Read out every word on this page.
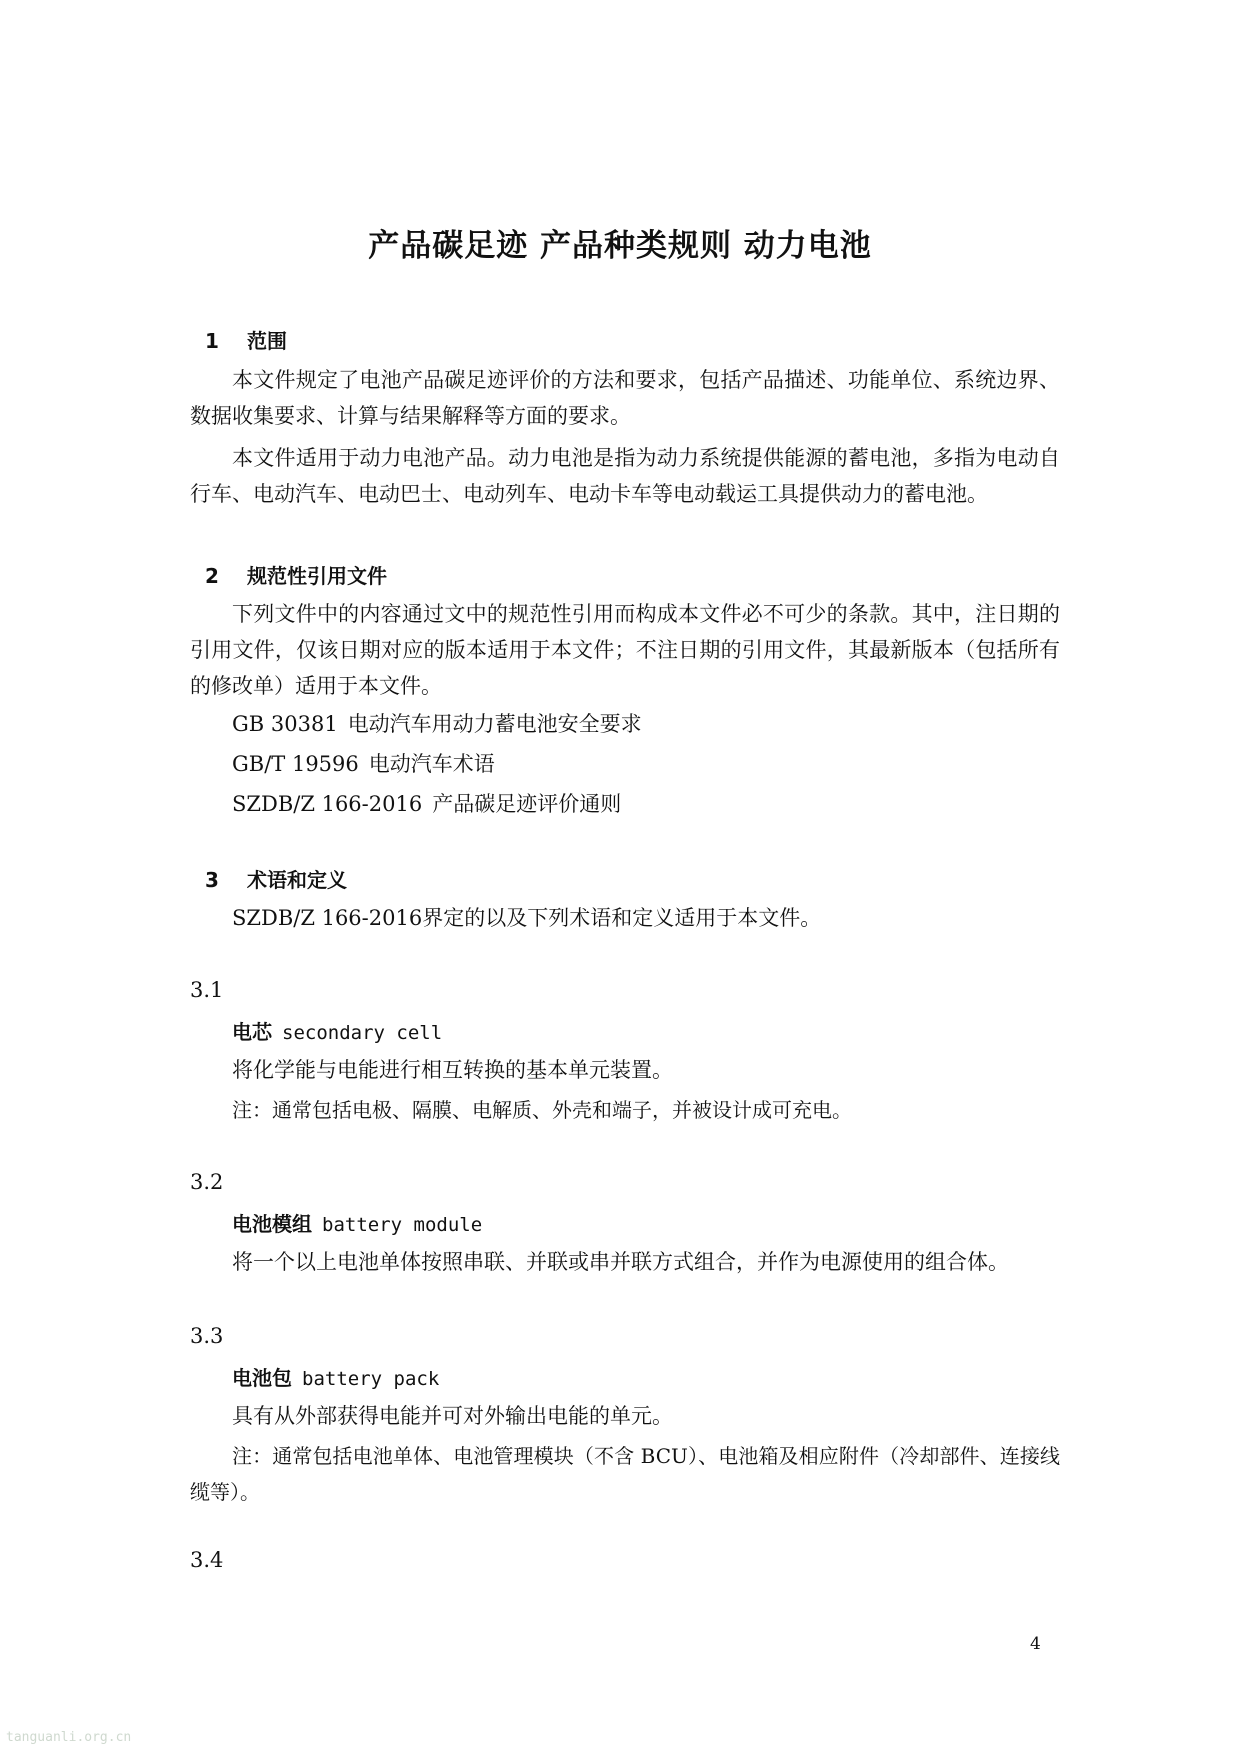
产品碳足迹 产品种类规则 动力电池
1 范围
本文件规定了电池产品碳足迹评价的方法和要求，包括产品描述、功能单位、系统边界、数据收集要求、计算与结果解释等方面的要求。
本文件适用于动力电池产品。动力电池是指为动力系统提供能源的蓄电池，多指为电动自行车、电动汽车、电动巴士、电动列车、电动卡车等电动载运工具提供动力的蓄电池。
2 规范性引用文件
下列文件中的内容通过文中的规范性引用而构成本文件必不可少的条款。其中，注日期的引用文件，仅该日期对应的版本适用于本文件；不注日期的引用文件，其最新版本（包括所有的修改单）适用于本文件。
GB 30381 电动汽车用动力蓄电池安全要求
GB/T 19596 电动汽车术语
SZDB/Z 166-2016 产品碳足迹评价通则
3 术语和定义
SZDB/Z 166-2016界定的以及下列术语和定义适用于本文件。
3.1
电芯 secondary cell
将化学能与电能进行相互转换的基本单元装置。
注：通常包括电极、隔膜、电解质、外壳和端子，并被设计成可充电。
3.2
电池模组 battery module
将一个以上电池单体按照串联、并联或串并联方式组合，并作为电源使用的组合体。
3.3
电池包 battery pack
具有从外部获得电能并可对外输出电能的单元。
注：通常包括电池单体、电池管理模块（不含 BCU）、电池箱及相应附件（冷却部件、连接线缆等）。
3.4
4
tanguanli.org.cn
